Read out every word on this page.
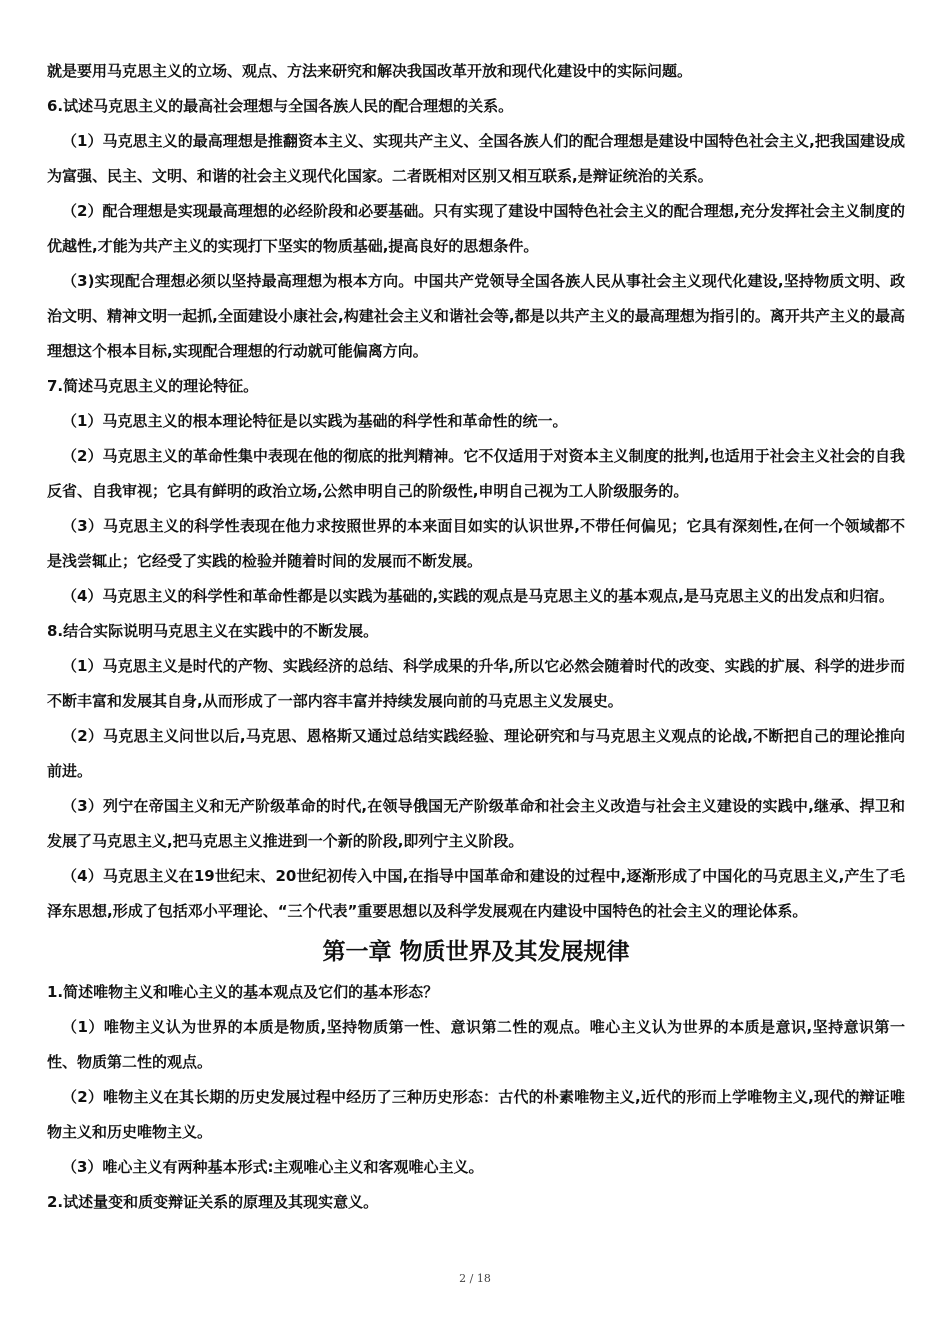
就是要用马克思主义的立场、观点、方法来研究和解决我国改革开放和现代化建设中的实际问题。

6.试述马克思主义的最高社会理想与全国各族人民的配合理想的关系。

（1）马克思主义的最高理想是推翻资本主义、实现共产主义、全国各族人们的配合理想是建设中国特色社会主义,把我国建设成为富强、民主、文明、和谐的社会主义现代化国家。二者既相对区别又相互联系,是辩证统治的关系。

（2）配合理想是实现最高理想的必经阶段和必要基础。只有实现了建设中国特色社会主义的配合理想,充分发挥社会主义制度的优越性,才能为共产主义的实现打下坚实的物质基础,提高良好的思想条件。

（3)实现配合理想必须以坚持最高理想为根本方向。中国共产党领导全国各族人民从事社会主义现代化建设,坚持物质文明、政治文明、精神文明一起抓,全面建设小康社会,构建社会主义和谐社会等,都是以共产主义的最高理想为指引的。离开共产主义的最高理想这个根本目标,实现配合理想的行动就可能偏离方向。

7.简述马克思主义的理论特征。

（1）马克思主义的根本理论特征是以实践为基础的科学性和革命性的统一。

（2）马克思主义的革命性集中表现在他的彻底的批判精神。它不仅适用于对资本主义制度的批判,也适用于社会主义社会的自我反省、自我审视；它具有鲜明的政治立场,公然申明自己的阶级性,申明自己视为工人阶级服务的。

（3）马克思主义的科学性表现在他力求按照世界的本来面目如实的认识世界,不带任何偏见；它具有深刻性,在何一个领域都不是浅尝辄止；它经受了实践的检验并随着时间的发展而不断发展。

（4）马克思主义的科学性和革命性都是以实践为基础的,实践的观点是马克思主义的基本观点,是马克思主义的出发点和归宿。

8.结合实际说明马克思主义在实践中的不断发展。

（1）马克思主义是时代的产物、实践经济的总结、科学成果的升华,所以它必然会随着时代的改变、实践的扩展、科学的进步而不断丰富和发展其自身,从而形成了一部内容丰富并持续发展向前的马克思主义发展史。

（2）马克思主义问世以后,马克思、恩格斯又通过总结实践经验、理论研究和与马克思主义观点的论战,不断把自己的理论推向前进。

（3）列宁在帝国主义和无产阶级革命的时代,在领导俄国无产阶级革命和社会主义改造与社会主义建设的实践中,继承、捍卫和发展了马克思主义,把马克思主义推进到一个新的阶段,即列宁主义阶段。

（4）马克思主义在19世纪末、20世纪初传入中国,在指导中国革命和建设的过程中,逐渐形成了中国化的马克思主义,产生了毛泽东思想,形成了包括邓小平理论、“三个代表”重要思想以及科学发展观在内建设中国特色的社会主义的理论体系。

第一章 物质世界及其发展规律

1.简述唯物主义和唯心主义的基本观点及它们的基本形态？

（1）唯物主义认为世界的本质是物质,坚持物质第一性、意识第二性的观点。唯心主义认为世界的本质是意识,坚持意识第一性、物质第二性的观点。

（2）唯物主义在其长期的历史发展过程中经历了三种历史形态：古代的朴素唯物主义,近代的形而上学唯物主义,现代的辩证唯物主义和历史唯物主义。

（3）唯心主义有两种基本形式:主观唯心主义和客观唯心主义。

2.试述量变和质变辩证关系的原理及其现实意义。

2 / 18
